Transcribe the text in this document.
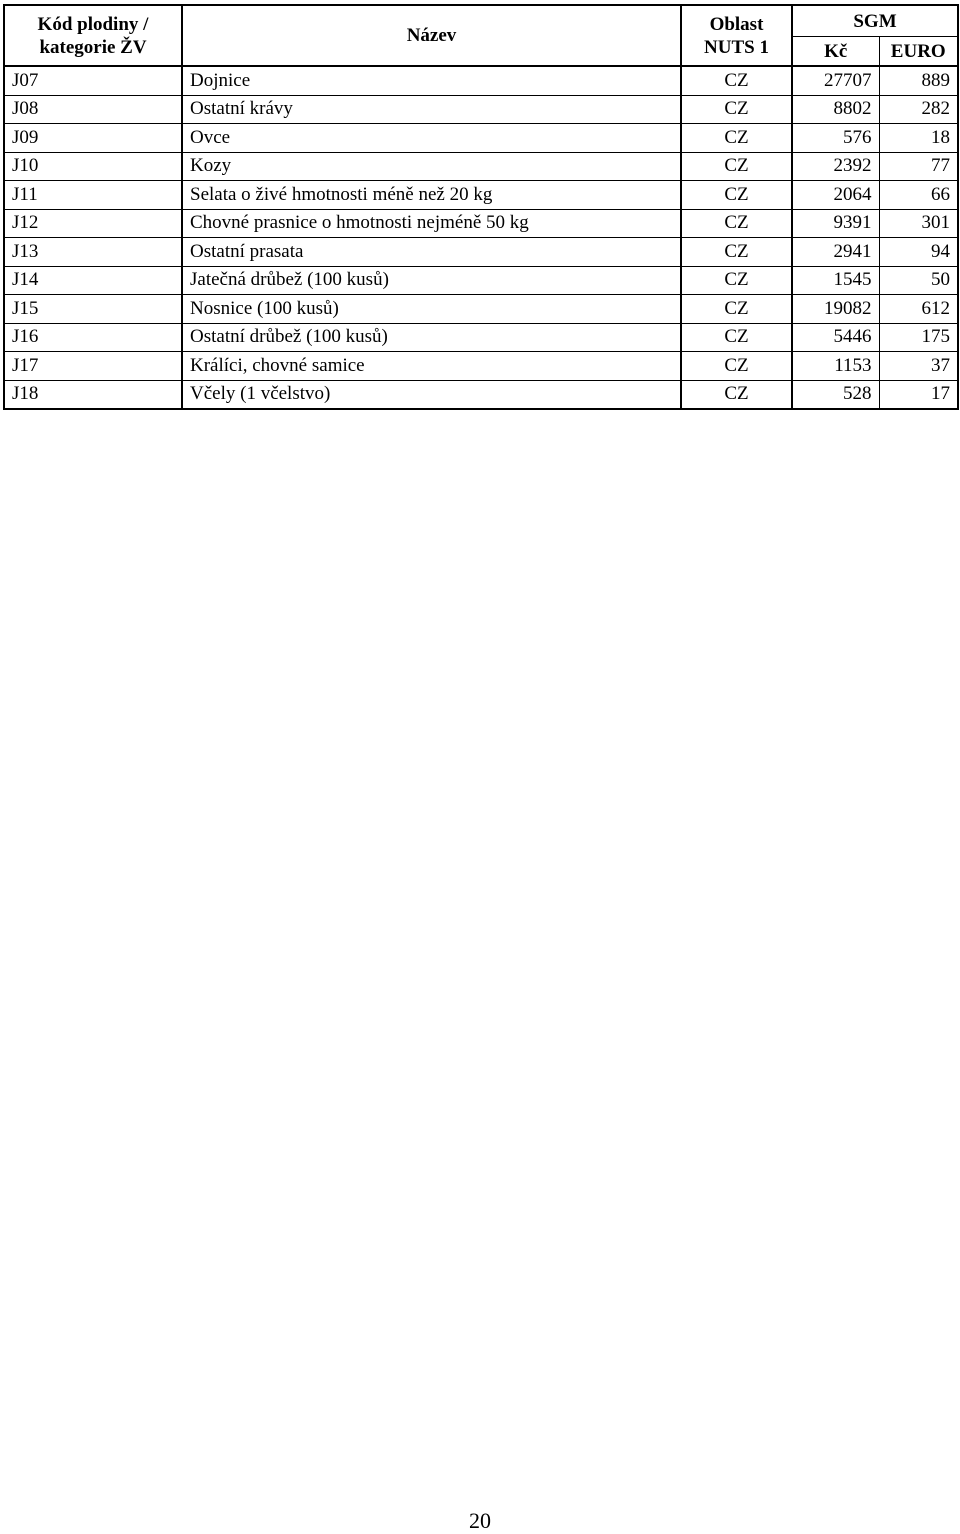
Kód plodiny / kategorie ŽV	Název	Oblast NUTS 1	SGM	
			Kč	EURO
J07	Dojnice	CZ	27707	889
J08	Ostatní krávy	CZ	8802	282
J09	Ovce	CZ	576	18
J10	Kozy	CZ	2392	77
J11	Selata o živé hmotnosti méně než 20 kg	CZ	2064	66
J12	Chovné prasnice o hmotnosti nejméně 50 kg	CZ	9391	301
J13	Ostatní prasata	CZ	2941	94
J14	Jatečná drůbež (100 kusů)	CZ	1545	50
J15	Nosnice (100 kusů)	CZ	19082	612
J16	Ostatní drůbež (100 kusů)	CZ	5446	175
J17	Králíci, chovné samice	CZ	1153	37
J18	Včely (1 včelstvo)	CZ	528	17
20
